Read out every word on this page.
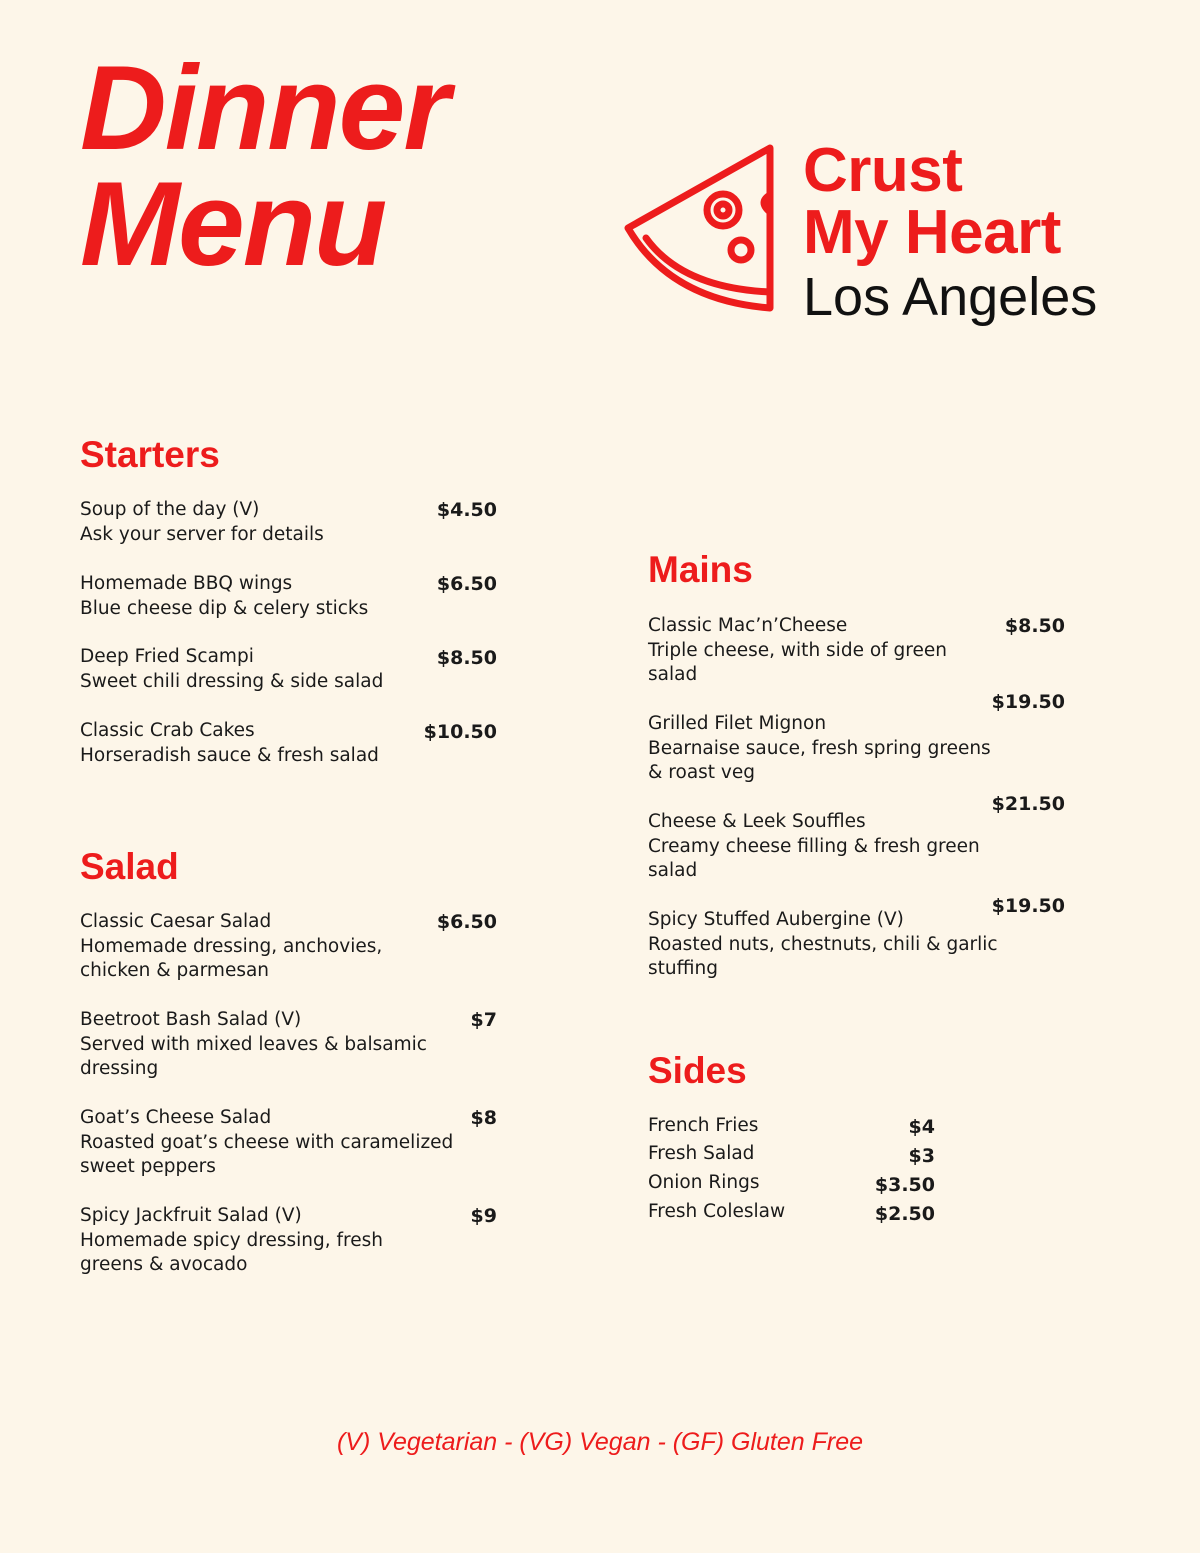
Dinner
Menu	Crust
My Heart
Los Angeles
Starters
Soup of the day (V)
Ask your server for details
$4.50
Homemade BBQ wings
Blue cheese dip & celery sticks
$6.50
Deep Fried Scampi
Sweet chili dressing & side salad
$8.50
Classic Crab Cakes
Horseradish sauce & fresh salad
$10.50
Salad
Classic Caesar Salad
Homemade dressing, anchovies, chicken & parmesan
$6.50
Beetroot Bash Salad (V)
Served with mixed leaves & balsamic dressing
$7
Goat’s Cheese Salad
Roasted goat’s cheese with caramelized sweet peppers
$8
Spicy Jackfruit Salad (V)
Homemade spicy dressing, fresh greens & avocado
$9
Mains
Classic Mac’n’Cheese
Triple cheese, with side of green salad
$8.50
Grilled Filet Mignon
Bearnaise sauce, fresh spring greens & roast veg
$19.50
Cheese & Leek Souffles
Creamy cheese filling & fresh green salad
$21.50
Spicy Stuffed Aubergine (V)
Roasted nuts, chestnuts, chili & garlic stuffing
$19.50
Sides
French Fries	$4
Fresh Salad	$3
Onion Rings	$3.50
Fresh Coleslaw	$2.50
(V) Vegetarian - (VG) Vegan - (GF) Gluten Free
